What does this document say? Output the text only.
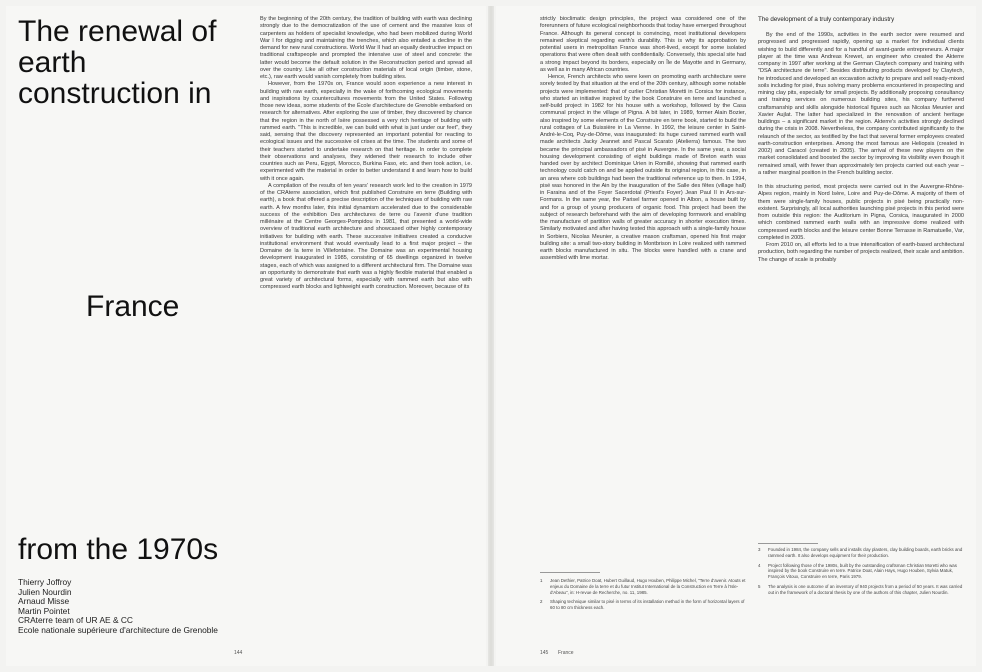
The renewal of earth construction in
France
from the 1970s
Thierry Joffroy
Julien Nourdin
Arnaud Misse
Martin Pointet
CRAterre team of UR AE & CC
Ecole nationale supérieure d'architecture de Grenoble

By the beginning of the 20th century, the tradition of building with earth was declining strongly due to the democratization of the use of cement and the massive loss of carpenters as holders of specialist knowledge, who had been mobilized during World War I for digging and maintaining the trenches, which also entailed a decline in the demand for new rural constructions. World War II had an equally destructive impact on traditional craftspeople and prompted the intensive use of steel and concrete: the latter would become the default solution in the Reconstruction period and spread all over the country. Like all other construction materials of local origin (timber, stone, etc.), raw earth would vanish completely from building sites.

However, from the 1970s on, France would soon experience a new interest in building with raw earth, especially in the wake of forthcoming ecological movements and inspirations by countercultures movements from the United States. Following those new ideas, some students of the École d'architecture de Grenoble embarked on research for alternatives. After exploring the use of timber, they discovered by chance that the region in the north of Isère possessed a very rich heritage of building with rammed earth. "This is incredible, we can build with what is just under our feet", they said, sensing that the discovery represented an important potential for reacting to ecological issues and the successive oil crises at the time. The students and some of their teachers started to undertake research on that heritage. In order to complete their observations and analyses, they widened their research to include other countries such as Peru, Egypt, Morocco, Burkina Faso, etc. and then took action, i.e. experimented with the material in order to better understand it and learn how to build with it once again.

A compilation of the results of ten years' research work led to the creation in 1979 of the CRAterre association, which first published Construire en terre (Building with earth), a book that offered a precise description of the techniques of building with raw earth. A few months later, this initial dynamism accelerated due to the considerable success of the exhibition Des architectures de terre ou l'avenir d'une tradition millénaire at the Centre Georges-Pompidou in 1981, that presented a world-wide overview of traditional earth architecture and showcased other highly contemporary initiatives for building with earth. These successive initiatives created a conducive institutional environment that would eventually lead to a first major project – the Domaine de la terre in Villefontaine. The Domaine was an experimental housing development inaugurated in 1985, consisting of 65 dwellings organized in twelve stages, each of which was assigned to a different architectural firm. The Domaine was an opportunity to demonstrate that earth was a highly flexible material that enabled a great variety of architectural forms, especially with rammed earth but also with compressed earth blocks and lightweight earth construction. Moreover, because of its

144

strictly bioclimatic design principles, the project was considered one of the forerunners of future ecological neighborhoods that today have emerged throughout France. Although its general concept is convincing, most institutional developers remained skeptical regarding earth's durability. This is why its approbation by potential users in metropolitan France was short-lived, except for some isolated operations that were often dealt with confidentially. Conversely, this special site had a strong impact beyond its borders, especially on Île de Mayotte and in Germany, as well as in many African countries.

Hence, French architects who were keen on promoting earth architecture were sorely tested by that situation at the end of the 20th century, although some notable projects were implemented: that of curlier Christian Moretti in Corsica for instance, who started an initiative inspired by the book Construire en terre and launched a self-build project in 1982 for his house with a workshop, followed by the Casa communal project in the village of Pigna. A bit later, in 1989, former Alain Bozier, also inspired by some elements of the Construire en terre book, started to build the rural cottages of La Buissière in La Vienne. In 1992, the leisure center in Saint-André-le-Coq, Puy-de-Dôme, was inaugurated: its huge curved rammed earth wall made architects Jacky Jeannet and Pascal Scarato (Atelierra) famous. The two became the principal ambassadors of pisé in Auvergne. In the same year, a social housing development consisting of eight buildings made of Breton earth was handed over by architect Dominique Urien in Romillé, showing that rammed earth technology could catch on and be applied outside its original region, in this case, in an area where cob buildings had been the traditional reference up to then. In 1994, pisé was honored in the Ain by the inauguration of the Salle des fêtes (village hall) in Faraina and of the Foyer Sacerdotal (Priest's Foyer) Jean Paul II in Ars-sur-Formans. In the same year, the Parisel farmer opened in Albon, a house built by and for a group of young producers of organic food. This project had been the subject of research beforehand with the aim of developing formwork and enabling the manufacture of partition walls of greater accuracy in shorter execution times. Similarly motivated and after having tested this approach with a single-family house in Sorbiers, Nicolas Meunier, a creative mason craftsman, opened his first major building site: a small two-story building in Montbrison in Loire realized with rammed earth blocks manufactured in situ. The blocks were handled with a crane and assembled with lime mortar.

The development of a truly contemporary industry

By the end of the 1990s, activities in the earth sector were resumed and progressed and progressed rapidly, opening up a market for individual clients wishing to build differently and for a handful of avant-garde entrepreneurs. A major player at the time was Andreas Krewet, an engineer who created the Akterre company in 1997 after working at the German Claytech company and training with "DSA architecture de terre". Besides distributing products developed by Claytech, he introduced and developed an excavation activity to prepare and sell ready-mixed soils including for pisé, thus solving many problems encountered in prospecting and mining clay pits, especially for small projects. By additionally proposing consultancy and training services on numerous building sites, his company furthered craftsmanship and skills alongside historical figures such as Nicolas Meunier and Xavier Aujlat. The latter had specialized in the renovation of ancient heritage buildings – a significant market in the region. Akterre's activities strongly declined during the crisis in 2008. Nevertheless, the company contributed significantly to the relaunch of the sector, as testified by the fact that several former employees created earth-construction enterprises. Among the most famous are Heliopsis (created in 2002) and Caracol (created in 2005). The arrival of these new players on the market consolidated and boosted the sector by improving its visibility even though it remained small, with fewer than approximately ten projects carried out each year – a rather marginal position in the French building sector.

In this structuring period, most projects were carried out in the Auvergne-Rhône-Alpes region, mainly in Nord Isère, Loire and Puy-de-Dôme. A majority of them of them were single-family houses, public projects in pisé being practically non-existent. Surprisingly, all local authorities launching pisé projects in this period were from outside this region: the Auditorium in Pigna, Corsica, inaugurated in 2000 which combined rammed earth walls with an impressive dome realized with compressed earth blocks and the leisure center Bonne Terrasse in Ramatuelle, Var, completed in 2005.

From 2010 on, all efforts led to a true intensification of earth-based architectural production, both regarding the number of projects realized, their scale and ambition. The change of scale is probably

1	Jean Dethier, Patrice Doat, Hubert Guillaud, Hugo Houben, Philippe Michel, "Terre d'avenir. Atouts et enjeux du Domaine de la terre et du futur Institut International de la Construction en Terre à l'Isle-d'Abeau", in: H-revue de Recherche, no. 11, 1985.
2	Shaping technique similar to pisé in terms of its installation method in the form of horizontal layers of 60 to 80 cm thickness each.
3	Founded in 1984, the company sells and installs clay plasters, clay building boards, earth bricks and rammed earth. It also develops equipment for their production.
4	Project following those of the 1980s, built by the outstanding craftsman Christian Moretti who was inspired by the book Construire en terre. Patrice Doat, Alain Hays, Hugo Houben, Sylvia Matuk, François Vitoux, Construire en terre, Paris 1979.
5	The analysis is one outcome of an inventory of 940 projects from a period of 50 years. It was carried out in the framework of a doctoral thesis by one of the authors of this chapter, Julien Nourdin.
145 France
